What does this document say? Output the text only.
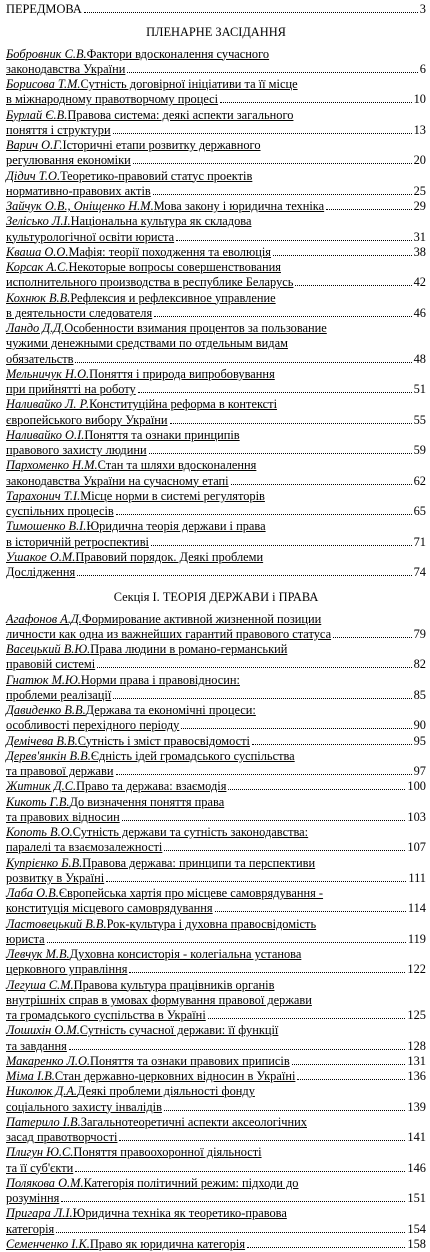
ПЕРЕДМОВА	3
ПЛЕНАРНЕ ЗАСІДАННЯ
Бобровник С.В. Фактори вдосконалення сучасного
законодавства України	6
Борисова Т.М. Сутність договірної ініціативи та її місце
в міжнародному правотворчому процесі	10
Бурлай Є.В. Правова система: деякі аспекти загального
поняття і структури	13
Варич О.Г. Історичні етапи розвитку державного
регулювання економіки	20
Дідич Т.О. Теоретико-правовий статус проектів
нормативно-правових актів	25
Зайчук О.В., Оніщенко Н.М. Мова закону і юридична техніка	29
Зелісько Л.І. Національна культура як складова
культурологічної освіти юриста	31
Кваша О.О. Мафія: теорії походження та еволюція	38
Корсак А.С. Некоторые вопросы совершенствования
исполнительного производства в республике Беларусь	42
Кохнюк В.В. Рефлексия и рефлексивное управление
в деятельности следователя	46
Ландо Д.Д. Особенности взимания процентов за пользование
чужими денежными средствами по отдельным видам
обязательств	48
Мельничук Н.О. Поняття і природа випробовування
при прийнятті на роботу	51
Наливайко Л. Р. Конституційна реформа в контексті
європейського вибору України	55
Наливайко О.І. Поняття та ознаки принципів
правового захисту людини	59
Пархоменко Н.М. Стан та шляхи вдосконалення
законодавства України на сучасному етапі	62
Тарахонич Т.І. Місце норми в системі регуляторів
суспільних процесів	65
Тимошенко В.І. Юридична теорія держави і права
в історичній ретроспективі	71
Ушакое О.М. Правовий порядок. Деякі проблеми
Дослідження	74
Секція І. ТЕОРІЯ ДЕРЖАВИ і ПРАВА
Агафонов А.Д. Формирование активной жизненной позиции
личности как одна из важнейших гарантий правового статуса	79
Васецький В.Ю. Права людини в романо-германський
правовій системі	82
Гнатюк М.Ю. Норми права і правовідносин:
проблеми реалізації	85
Давиденко В.В. Держава та економічні процеси:
особливості перехідного періоду	90
Демічева В.В. Сутність і зміст правосвідомості	95
Дерев'янкін В.В. Єдність ідей громадського суспільства
та правової держави	97
Житник Д.С. Право та держава: взаємодія	100
Кикоть Г.В. До визначення поняття права
та правових відносин	103
Копоть В.О. Сутність держави та сутність законодавства:
паралелі та взаємозалежності	107
Купрієнко Б.В. Правова держава: принципи та перспективи
розвитку в Україні	111
Лаба О.В. Європейська хартія про місцеве самоврядування -
конституція місцевого самоврядування	114
Ластовецький В.В. Рок-культура і духовна правосвідомість
юриста	119
Левчук М.В. Духовна консисторія - колегіальна установа
церковного управління	122
Легуша С.М. Правова культура працівників органів
внутрішніх справ в умовах формування правової держави
та громадського суспільства в Україні	125
Лошихін О.М. Сутність сучасної держави: її функції
та завдання	128
Макаренко Л.О. Поняття та ознаки правових приписів	131
Міма І.В. Стан державно-церковних відносин в Україні	136
Николюк Д.А. Деякі проблеми діяльності фонду
соціального захисту інвалідів	139
Патерило І.В. Загальнотеоретичні аспекти аксеологічних
засад правотворчості	141
Плигун Ю.С. Поняття правоохоронної діяльності
та її суб'єкти	146
Полякова О.М. Категорія політичний режим: підходи до
розуміння	151
Пригара Л.І. Юридична техніка як теоретико-правова
категорія	154
Семенченко І.К. Право як юридична категорія	158
